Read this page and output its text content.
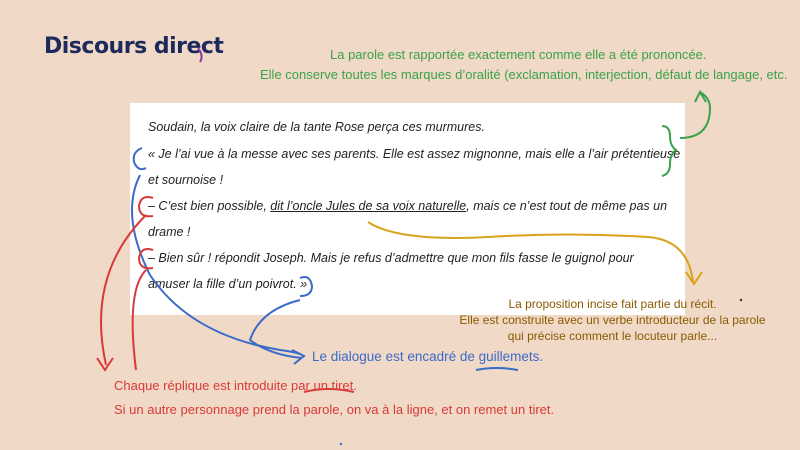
Discours direct	La parole est rapportée exactement comme elle a été prononcée.
Elle conserve toutes les marques d’oralité (exclamation, interjection, défaut de langage, etc.
Soudain, la voix claire de la tante Rose perça ces murmures.
« Je l’ai vue à la messe avec ses parents. Elle est assez mignonne, mais elle a l’air prétentieuse
et sournoise !
– C’est bien possible, dit l’oncle Jules de sa voix naturelle, mais ce n’est tout de même pas un
drame !
– Bien sûr ! répondit Joseph. Mais je refus d’admettre que mon fils fasse le guignol pour
amuser la fille d’un poivrot. »
La proposition incise fait partie du récit.
Elle est construite avec un verbe introducteur de la parole
qui précise comment le locuteur parle...
Le dialogue est encadré de guillemets.
Chaque réplique est introduite par un tiret.
Si un autre personnage prend la parole, on va à la ligne, et on remet un tiret.
